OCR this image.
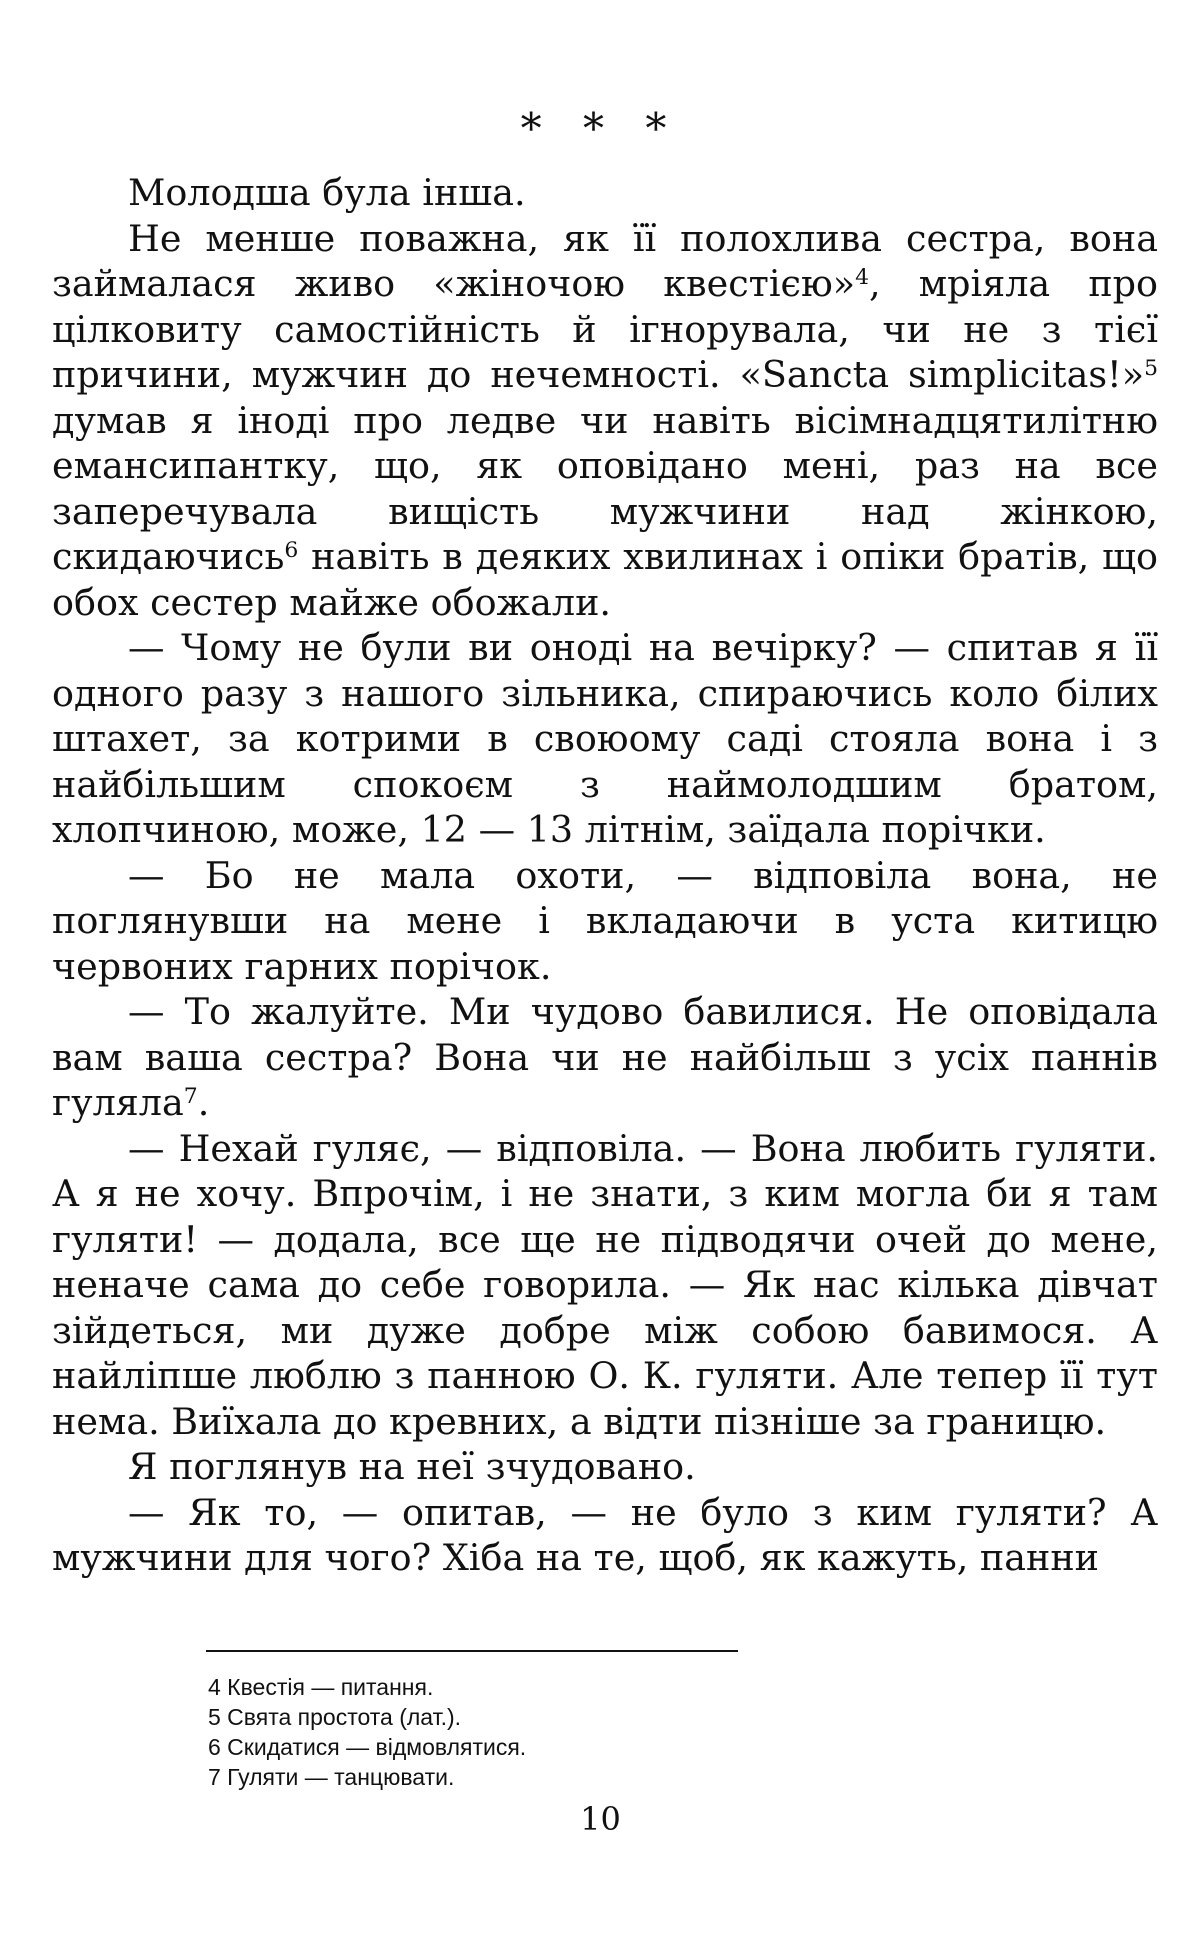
* * *

Молодша була інша.

Не менше поважна, як її полохлива сестра, вона займалася живо «жіночою квестією»$^4$, мріяла про цілковиту самостійність й ігнорувала, чи не з тієї причини, мужчин до нечемності. «Sancta simplicitas!»$^5$ думав я іноді про ледве чи навіть вісімнадцятилітню емансипантку, що, як оповідано мені, раз на все заперечувала вищість мужчини над жінкою, скидаючись$^6$ навіть в деяких хвилинах і опіки братів, що обох сестер майже обожали.

— Чому не були ви оноді на вечірку? — спитав я її одного разу з нашого зільника, спираючись коло білих штахет, за котрими в своюому саді стояла вона і з найбільшим спокоєм з наймолодшим братом, хлопчиною, може, 12 — 13 літнім, заїдала порічки.

— Бо не мала охоти, — відповіла вона, не поглянувши на мене і вкладаючи в уста китицю червоних гарних порічок.

— То жалуйте. Ми чудово бавилися. Не оповідала вам ваша сестра? Вона чи не найбільш з усіх паннів гуляла$^7$.

— Нехай гуляє, — відповіла. — Вона любить гуляти. А я не хочу. Впрочім, і не знати, з ким могла би я там гуляти! — додала, все ще не підводячи очей до мене, неначе сама до себе говорила. — Як нас кілька дівчат зійдеться, ми дуже добре між собою бавимося. А найліпше люблю з панною О. К. гуляти. Але тепер її тут нема. Виїхала до кревних, а відти пізніше за границю.

Я поглянув на неї зчудовано.

— Як то, — опитав, — не було з ким гуляти? А мужчини для чого? Хіба на те, щоб, як кажуть, панни

4 Квестія — питання.
5 Свята простота (лат.).
6 Скидатися — відмовлятися.
7 Гуляти — танцювати.
10
